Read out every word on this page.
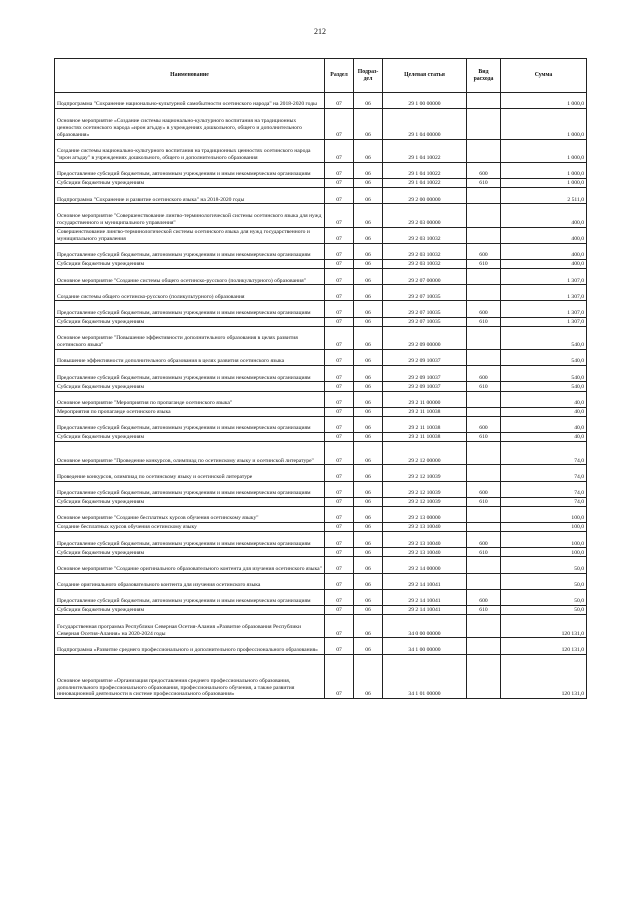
212
Наименование	Раздел	Подраз-дел	Целевая статья	Вид расхода	Сумма
Подпрограмма "Сохранение национально-культурной самобытности осетинского народа" на 2018-2020 годы	07	06	29 1 00 00000		1 000,0
Основное мероприятие «Создание системы национально-культурного воспитания на традиционных ценностях осетинского народа «ирон агъдау» в учреждениях дошкольного, общего и дополнительного образования»	07	06	29 1 04 00000		1 000,0
Создание системы национально-культурного воспитания на традиционных ценностях осетинского народа "ирон агъдау" в учреждениях дошкольного, общего и дополнительного образования	07	06	29 1 04 10022		1 000,0
Предоставление субсидий бюджетным, автономным учреждениям и иным некоммерческим организациям	07	06	29 1 04 10022	600	1 000,0
Субсидии бюджетным учреждениям	07	06	29 1 04 10022	610	1 000,0
Подпрограмма "Сохранение и развитие осетинского языка" на 2018-2020 годы	07	06	29 2 00 00000		2 511,0
Основное мероприятие "Совершенствование лингво-терминологической системы осетинского языка для нужд государственного и муниципального управления"	07	06	29 2 03 00000		400,0
Совершенствование лингво-терминологической системы осетинского языка для нужд государственного и муниципального управления	07	06	29 2 03 10032		400,0
Предоставление субсидий бюджетным, автономным учреждениям и иным некоммерческим организациям	07	06	29 2 03 10032	600	400,0
Субсидии бюджетным учреждениям	07	06	29 2 03 10032	610	400,0
Основное мероприятие "Создание системы общего осетинско-русского (поликультурного) образования"	07	06	29 2 07 00000		1 307,0
Создание системы общего осетинско-русского (поликультурного) образования	07	06	29 2 07 10035		1 307,0
Предоставление субсидий бюджетным, автономным учреждениям и иным некоммерческим организациям	07	06	29 2 07 10035	600	1 307,0
Субсидии бюджетным учреждениям	07	06	29 2 07 10035	610	1 307,0
Основное мероприятие "Повышение эффективности дополнительного образования в целях развития осетинского языка"	07	06	29 2 09 00000		540,0
Повышение эффективности дополнительного образования в целях развития осетинского языка	07	06	29 2 09 10037		540,0
Предоставление субсидий бюджетным, автономным учреждениям и иным некоммерческим организациям	07	06	29 2 09 10037	600	540,0
Субсидии бюджетным учреждениям	07	06	29 2 09 10037	610	540,0
Основное мероприятие "Мероприятия по пропаганде осетинского языка"	07	06	29 2 11 00000		40,0
Мероприятия по пропаганде осетинского языка	07	06	29 2 11 10038		40,0
Предоставление субсидий бюджетным, автономным учреждениям и иным некоммерческим организациям	07	06	29 2 11 10038	600	40,0
Субсидии бюджетным учреждениям	07	06	29 2 11 10038	610	40,0
Основное мероприятие "Проведение конкурсов, олимпиад по осетинскому языку и осетинской литературе"	07	06	29 2 12 00000		74,0
Проведение конкурсов, олимпиад по осетинскому языку и осетинской литературе	07	06	29 2 12 10039		74,0
Предоставление субсидий бюджетным, автономным учреждениям и иным некоммерческим организациям	07	06	29 2 12 10039	600	74,0
Субсидии бюджетным учреждениям	07	06	29 2 12 10039	610	74,0
Основное мероприятие "Создание бесплатных курсов обучения осетинскому языку"	07	06	29 2 13 00000		100,0
Создание бесплатных курсов обучения осетинскому языку	07	06	29 2 13 10040		100,0
Предоставление субсидий бюджетным, автономным учреждениям и иным некоммерческим организациям	07	06	29 2 13 10040	600	100,0
Субсидии бюджетным учреждениям	07	06	29 2 13 10040	610	100,0
Основное мероприятие "Создание оригинального образовательного контента для изучения осетинского языка"	07	06	29 2 14 00000		50,0
Создание оригинального образовательного контента для изучения осетинского языка	07	06	29 2 14 10041		50,0
Предоставление субсидий бюджетным, автономным учреждениям и иным некоммерческим организациям	07	06	29 2 14 10041	600	50,0
Субсидии бюджетным учреждениям	07	06	29 2 14 10041	610	50,0
Государственная программа Республики Северная Осетия-Алания «Развитие образования Республики Северная Осетия-Алания» на 2020-2024 годы	07	06	34 0 00 00000		120 131,0
Подпрограмма «Развитие среднего профессионального и дополнительного профессионального образования»	07	06	34 1 00 00000		120 131,0
Основное мероприятие «Организация предоставления среднего профессионального образования, дополнительного профессионального образования, профессионального обучения, а также развития инновационной деятельности в системе профессионального образования»	07	06	34 1 01 00000		120 131,0
